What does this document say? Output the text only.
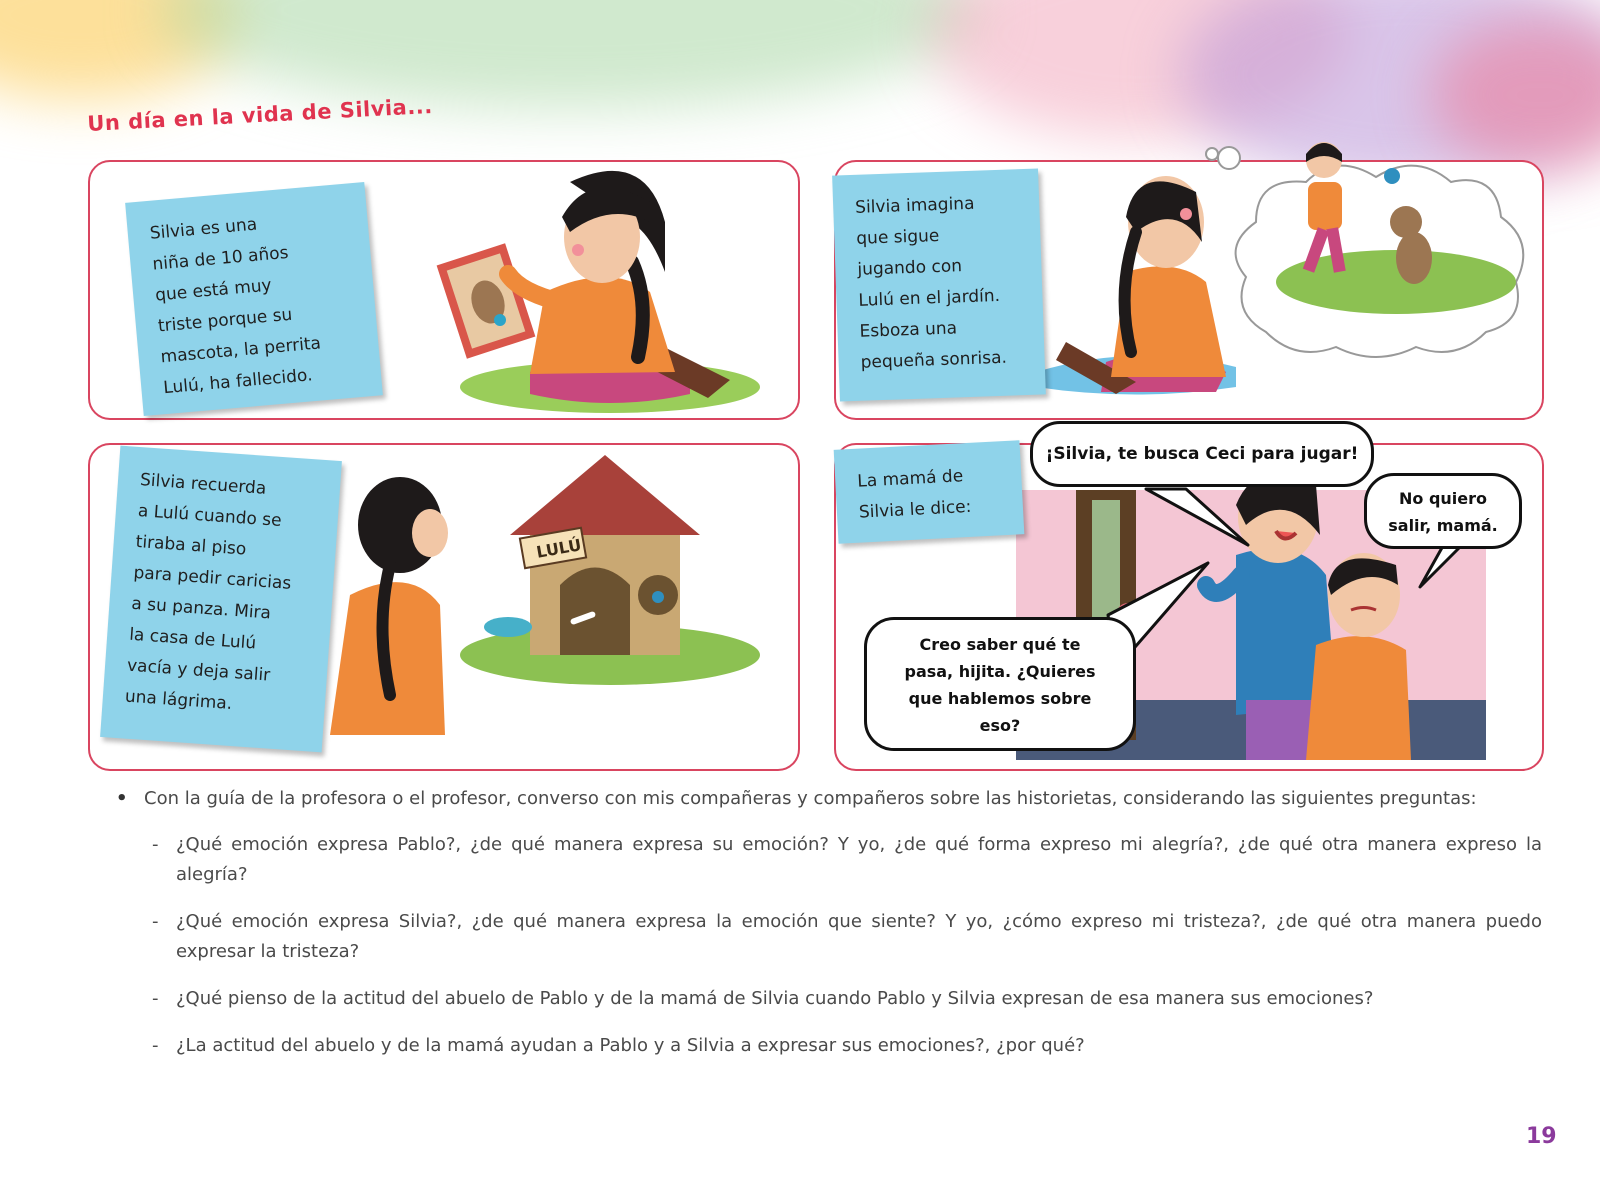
Un día en la vida de Silvia...
Silvia es una
niña de 10 años
que está muy
triste porque su
mascota, la perrita
Lulú, ha fallecido.
Silvia imagina
que sigue
jugando con
Lulú en el jardín.
Esboza una
pequeña sonrisa.
LULÚ
Silvia recuerda
a Lulú cuando se
tiraba al piso
para pedir caricias
a su panza. Mira
la casa de Lulú
vacía y deja salir
una lágrima.
La mamá de
Silvia le dice:
¡Silvia, te busca Ceci para jugar!
No quiero
salir, mamá.
Creo saber qué te
pasa, hijita. ¿Quieres
que hablemos sobre
eso?
• Con la guía de la profesora o el profesor, converso con mis compañeras y compañeros sobre las historietas, considerando las siguientes preguntas:
- ¿Qué emoción expresa Pablo?, ¿de qué manera expresa su emoción? Y yo, ¿de qué forma expreso mi alegría?, ¿de qué otra manera expreso la alegría?
- ¿Qué emoción expresa Silvia?, ¿de qué manera expresa la emoción que siente? Y yo, ¿cómo expreso mi tristeza?, ¿de qué otra manera puedo expresar la tristeza?
- ¿Qué pienso de la actitud del abuelo de Pablo y de la mamá de Silvia cuando Pablo y Silvia expresan de esa manera sus emociones?
- ¿La actitud del abuelo y de la mamá ayudan a Pablo y a Silvia a expresar sus emociones?, ¿por qué?
19
